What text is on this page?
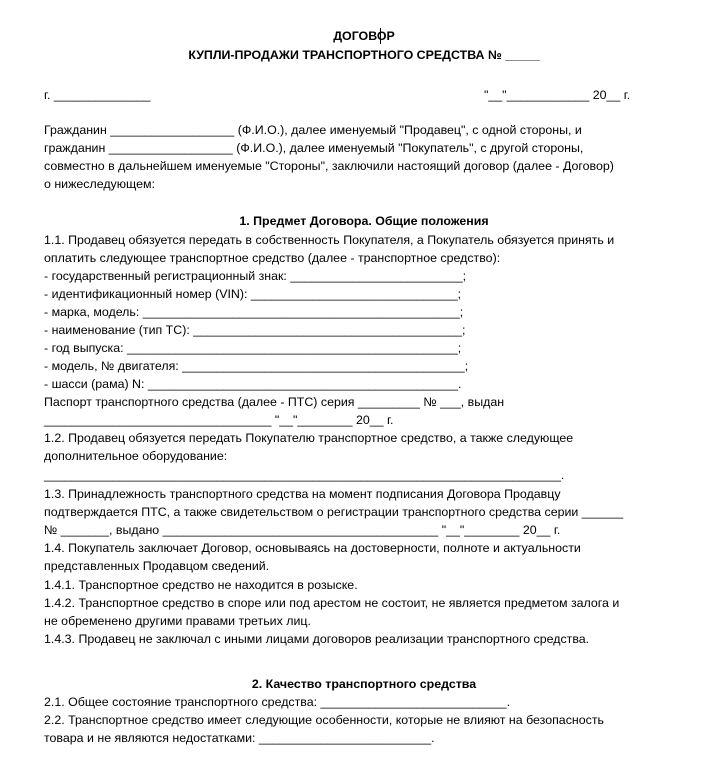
ДОГОВОР
КУПЛИ-ПРОДАЖИ ТРАНСПОРТНОГО СРЕДСТВА № _____
г. ______________	"__"____________ 20__ г.
Гражданин __________________ (Ф.И.О.), далее именуемый "Продавец", с одной стороны, и
гражданин __________________ (Ф.И.О.), далее именуемый "Покупатель", с другой стороны,
совместно в дальнейшем именуемые "Стороны", заключили настоящий договор (далее - Договор)
о нижеследующем:
1. Предмет Договора. Общие положения
1.1. Продавец обязуется передать в собственность Покупателя, а Покупатель обязуется принять и
оплатить следующее транспортное средство (далее - транспортное средство):
- государственный регистрационный знак: _________________________;
- идентификационный номер (VIN): ______________________________;
- марка, модель: ______________________________________________;
- наименование (тип ТС): _______________________________________;
- год выпуска: ________________________________________________;
- модель, № двигателя: _________________________________________;
- шасси (рама) N: _____________________________________________.
Паспорт транспортного средства (далее - ПТС) серия _________ № ___, выдан
_________________________________ "__"________ 20__ г.
1.2. Продавец обязуется передать Покупателю транспортное средство, а также следующее
дополнительное оборудование:
___________________________________________________________________________.
1.3. Принадлежность транспортного средства на момент подписания Договора Продавцу
подтверждается ПТС, а также свидетельством о регистрации транспортного средства серии ______
№ _______, выдано ________________________________________ "__"________ 20__ г.
1.4. Покупатель заключает Договор, основываясь на достоверности, полноте и актуальности
представленных Продавцом сведений.
1.4.1. Транспортное средство не находится в розыске.
1.4.2. Транспортное средство в споре или под арестом не состоит, не является предметом залога и
не обременено другими правами третьих лиц.
1.4.3. Продавец не заключал с иными лицами договоров реализации транспортного средства.
2. Качество транспортного средства
2.1. Общее состояние транспортного средства: ___________________________.
2.2. Транспортное средство имеет следующие особенности, которые не влияют на безопасность
товара и не являются недостатками: _________________________.
